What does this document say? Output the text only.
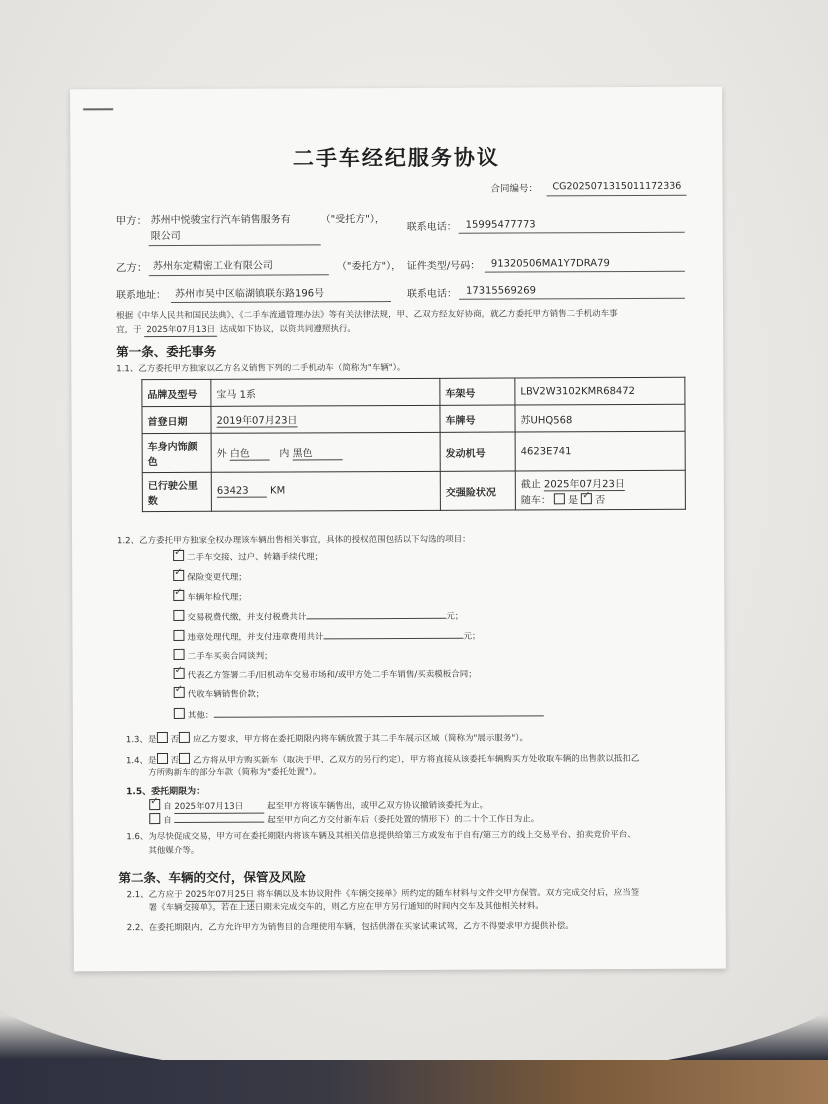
二手车经纪服务协议
合同编号： CG2025071315011172336
甲方： 苏州中悦骏宝行汽车销售服务有
限公司
（"受托方"），
联系电话： 15995477773
乙方： 苏州东定精密工业有限公司	（"委托方"）， 证件类型/号码： 91320506MA1Y7DRA79
联系地址： 苏州市吴中区临湖镇联东路196号	联系电话： 17315569269
根据《中华人民共和国民法典》、《二手车流通管理办法》等有关法律法规，甲、乙双方经友好协商，就乙方委托甲方销售二手机动车事
宜，于 2025年07月13日 达成如下协议，以资共同遵照执行。
第一条、委托事务
1.1、乙方委托甲方独家以乙方名义销售下列的二手机动车（简称为"车辆"）。
品牌及型号	宝马 1系	车架号	LBV2W3102KMR68472
首登日期	2019年07月23日	车牌号	苏UHQ568
车身内饰颜色	外 白色 内 黑色	发动机号	4623E741
已行驶公里数	63423 KM	交强险状况	截止 2025年07月23日
随车： 是 ✓ 否
1.2、乙方委托甲方独家全权办理该车辆出售相关事宜，具体的授权范围包括以下勾选的项目：
✓二手车交接、过户、转籍手续代理；
✓保险变更代理；
✓车辆年检代理；
交易税费代缴，并支付税费共计	元；
违章处理代理，并支付违章费用共计	元；
二手车买卖合同谈判；
✓代表乙方签署二手/旧机动车交易市场和/或甲方处二手车销售/买卖模板合同；
✓代收车辆销售价款；
其他：
1.3、是 否 应乙方要求，甲方将在委托期限内将车辆放置于其二手车展示区域（简称为"展示服务"）。
1.4、是 否 乙方将从甲方购买新车（取决于甲、乙双方的另行约定），甲方将直接从该委托车辆购买方处收取车辆的出售款以抵扣乙
方所购新车的部分车款（简称为"委托处置"）。
1.5、委托期限为：
✓自 2025年07月13日	起至甲方将该车辆售出，或甲乙双方协议撤销该委托为止。
自	起至甲方向乙方交付新车后（委托处置的情形下）的二十个工作日为止。
1.6、为尽快促成交易，甲方可在委托期限内将该车辆及其相关信息提供给第三方或发布于自有/第三方的线上交易平台、拍卖竞价平台、
其他媒介等。
第二条、车辆的交付，保管及风险
2.1、乙方应于 2025年07月25日 将车辆以及本协议附件《车辆交接单》所约定的随车材料与文件交甲方保管。双方完成交付后，应当签
署《车辆交接单》。若在上述日期未完成交车的，则乙方应在甲方另行通知的时间内交车及其他相关材料。
2.2、在委托期限内，乙方允许甲方为销售目的合理使用车辆，包括供潜在买家试乘试驾，乙方不得要求甲方提供补偿。
